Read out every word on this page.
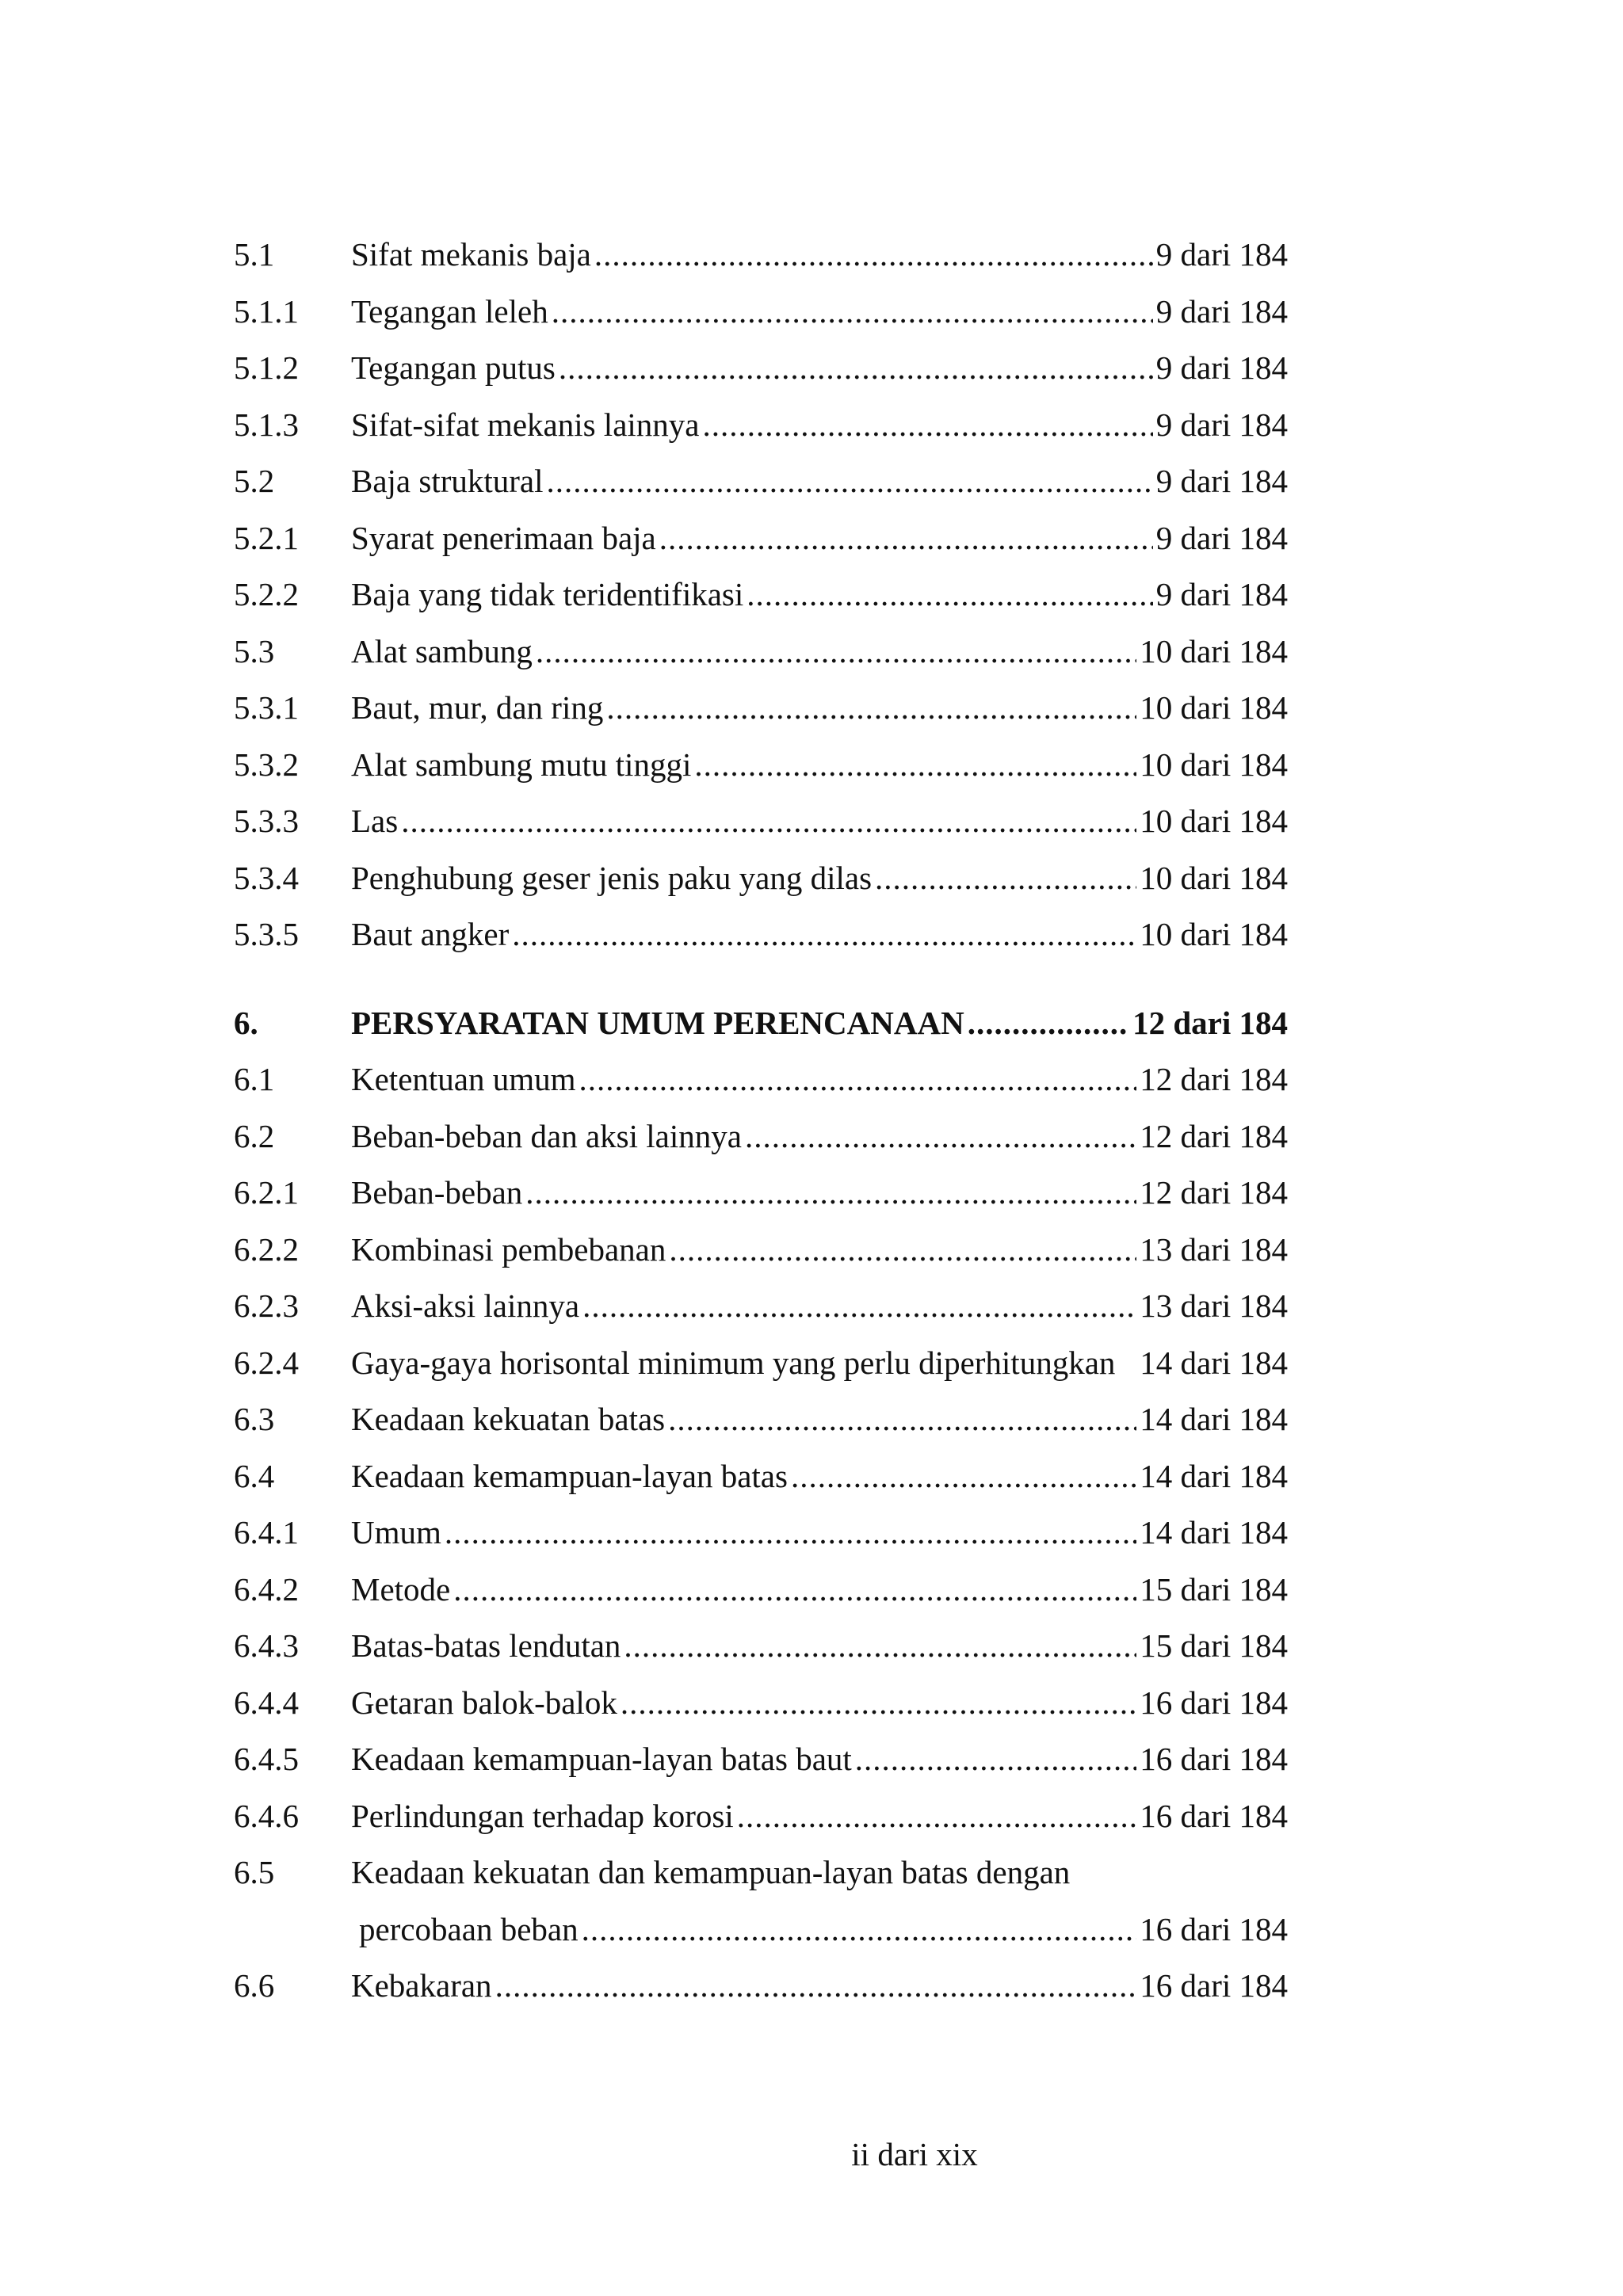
5.1	Sifat mekanis baja .....	9 dari 184
5.1.1	Tegangan leleh .....	9 dari 184
5.1.2	Tegangan putus .....	9 dari 184
5.1.3	Sifat-sifat mekanis lainnya .....	9 dari 184
5.2	Baja struktural .....	9 dari 184
5.2.1	Syarat penerimaan baja .....	9 dari 184
5.2.2	Baja yang tidak teridentifikasi .....	9 dari 184
5.3	Alat sambung .....	10 dari 184
5.3.1	Baut, mur, dan ring .....	10 dari 184
5.3.2	Alat sambung mutu tinggi .....	10 dari 184
5.3.3	Las .....	10 dari 184
5.3.4	Penghubung geser jenis paku yang dilas .....	10 dari 184
5.3.5	Baut angker .....	10 dari 184
6.	PERSYARATAN UMUM PERENCANAAN .....	12 dari 184
6.1	Ketentuan umum .....	12 dari 184
6.2	Beban-beban dan aksi lainnya .....	12 dari 184
6.2.1	Beban-beban .....	12 dari 184
6.2.2	Kombinasi pembebanan .....	13 dari 184
6.2.3	Aksi-aksi lainnya .....	13 dari 184
6.2.4	Gaya-gaya horisontal minimum yang perlu diperhitungkan 14 dari 184
6.3	Keadaan kekuatan batas .....	14 dari 184
6.4	Keadaan kemampuan-layan batas .....	14 dari 184
6.4.1	Umum .....	14 dari 184
6.4.2	Metode .....	15 dari 184
6.4.3	Batas-batas lendutan .....	15 dari 184
6.4.4	Getaran balok-balok .....	16 dari 184
6.4.5	Keadaan kemampuan-layan batas baut .....	16 dari 184
6.4.6	Perlindungan terhadap korosi .....	16 dari 184
6.5	Keadaan kekuatan dan kemampuan-layan batas dengan
percobaan beban .....	16 dari 184
6.6	Kebakaran .....	16 dari 184
ii dari xix
